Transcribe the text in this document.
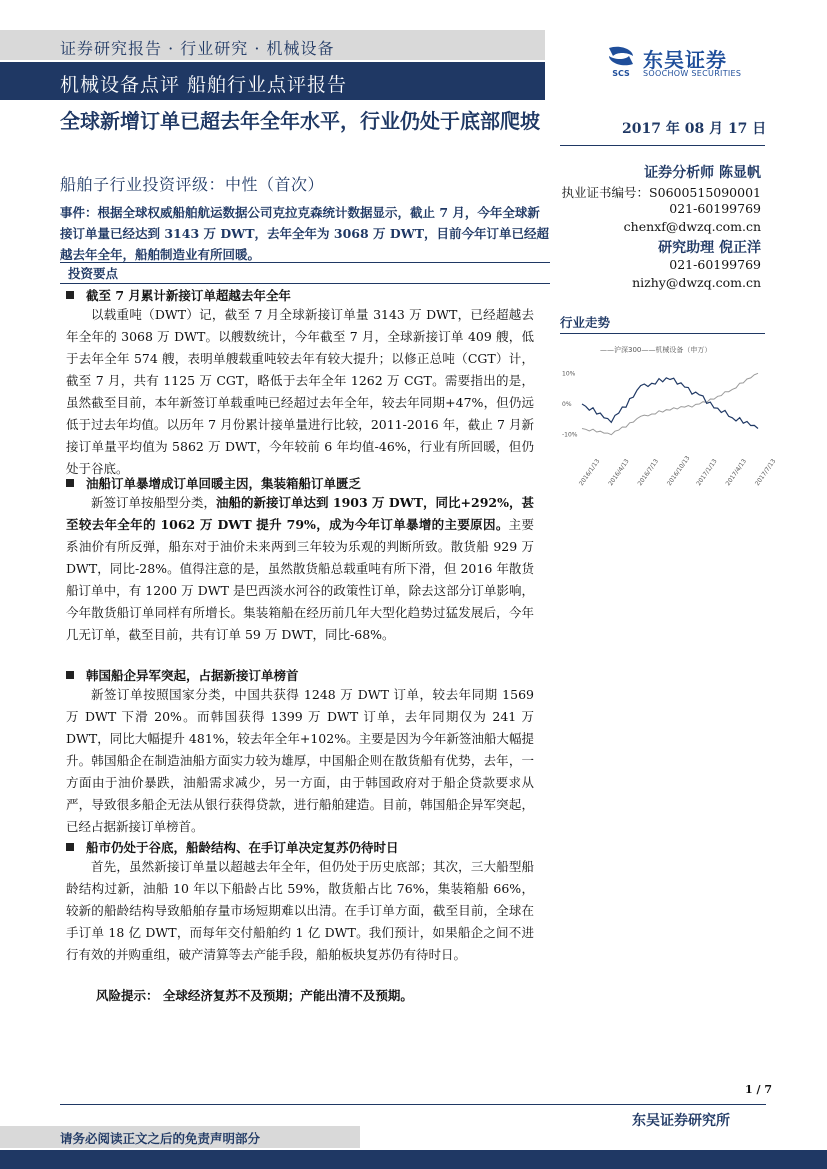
证券研究报告 · 行业研究 · 机械设备
机械设备点评 船舶行业点评报告
SCS
东吴证券
SOOCHOW SECURITIES
全球新增订单已超去年全年水平，行业仍处于底部爬坡
船舶子行业投资评级：中性（首次）
2017 年 08 月 17 日
证券分析师 陈显帆
执业证书编号：S0600515090001
021-60199769
chenxf@dwzq.com.cn
研究助理 倪正洋
021-60199769
nizhy@dwzq.com.cn
事件：根据全球权威船舶航运数据公司克拉克森统计数据显示，截止 7 月，今年全球新接订单量已经达到 3143 万 DWT，去年全年为 3068 万 DWT，目前今年订单已经超越去年全年，船舶制造业有所回暖。
投资要点
截至 7 月累计新接订单超越去年全年

以载重吨（DWT）记，截至 7 月全球新接订单量 3143 万 DWT，已经超越去年全年的 3068 万 DWT。以艘数统计，今年截至 7 月，全球新接订单 409 艘，低于去年全年 574 艘，表明单艘载重吨较去年有较大提升；以修正总吨（CGT）计，截至 7 月，共有 1125 万 CGT，略低于去年全年 1262 万 CGT。需要指出的是，虽然截至目前，本年新签订单载重吨已经超过去年全年，较去年同期+47%，但仍远低于过去年均值。以历年 7 月份累计接单量进行比较，2011-2016 年，截止 7 月新接订单量平均值为 5862 万 DWT，今年较前 6 年均值-46%，行业有所回暖，但仍处于谷底。

油船订单暴增成订单回暖主因，集装箱船订单匮乏

新签订单按船型分类，油船的新接订单达到 1903 万 DWT，同比+292%，甚至较去年全年的 1062 万 DWT 提升 79%，成为今年订单暴增的主要原因。主要系油价有所反弹，船东对于油价未来两到三年较为乐观的判断所致。散货船 929 万 DWT，同比-28%。值得注意的是，虽然散货船总载重吨有所下滑，但 2016 年散货船订单中，有 1200 万 DWT 是巴西淡水河谷的政策性订单，除去这部分订单影响，今年散货船订单同样有所增长。集装箱船在经历前几年大型化趋势过猛发展后，今年几无订单，截至目前，共有订单 59 万 DWT，同比-68%。

韩国船企异军突起，占据新接订单榜首

新签订单按照国家分类，中国共获得 1248 万 DWT 订单，较去年同期 1569 万 DWT 下滑 20%。而韩国获得 1399 万 DWT 订单，去年同期仅为 241 万 DWT，同比大幅提升 481%，较去年全年+102%。主要是因为今年新签油船大幅提升。韩国船企在制造油船方面实力较为雄厚，中国船企则在散货船有优势，去年，一方面由于油价暴跌，油船需求减少，另一方面，由于韩国政府对于船企贷款要求从严，导致很多船企无法从银行获得贷款，进行船舶建造。目前，韩国船企异军突起，已经占据新接订单榜首。

船市仍处于谷底，船龄结构、在手订单决定复苏仍待时日

首先，虽然新接订单量以超越去年全年，但仍处于历史底部；其次，三大船型船龄结构过新，油船 10 年以下船龄占比 59%，散货船占比 76%，集装箱船 66%，较新的船龄结构导致船舶存量市场短期难以出清。在手订单方面，截至目前，全球在手订单 18 亿 DWT，而每年交付船舶约 1 亿 DWT。我们预计，如果船企之间不进行有效的并购重组，破产清算等去产能手段，船舶板块复苏仍有待时日。

风险提示： 全球经济复苏不及预期；产能出清不及预期。
行业走势
——沪深300——机械设备（申万）
10%
0%
-10%
2016/1/13 2016/4/13 2016/7/13 2016/10/13 2017/1/13 2017/4/13 2017/7/13
1 / 7
东吴证券研究所
请务必阅读正文之后的免责声明部分
